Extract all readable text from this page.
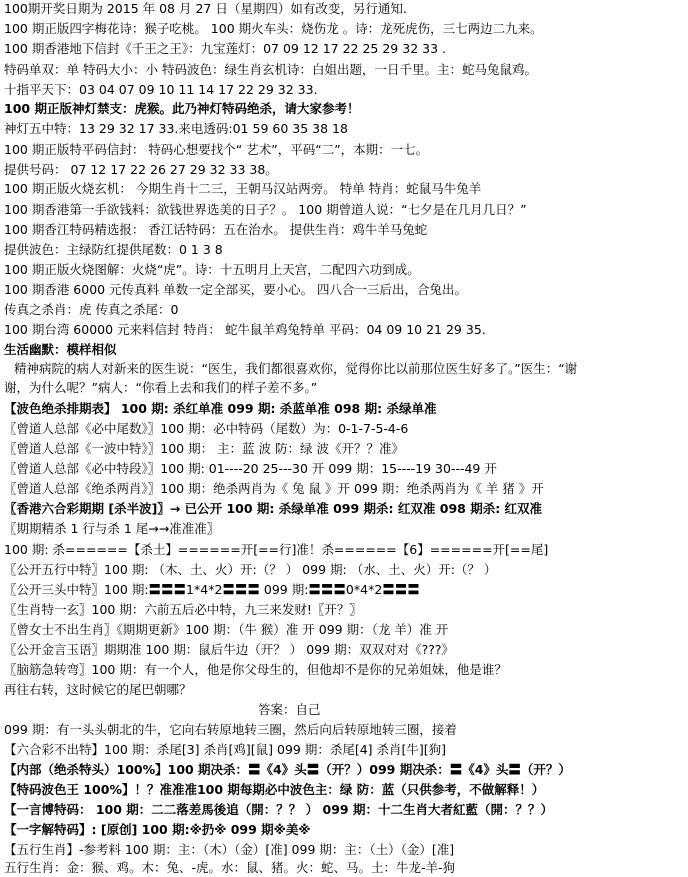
100期开奖日期为 2015 年 08 月 27 日（星期四）如有改变，另行通知.
100 期正版四字梅花诗：猴子吃桃。 100 期火车头：烧伤龙 。诗：龙死虎伤，三七两边二九来。
100 期香港地下信封《千王之王》：九宝莲灯：07 09 12 17 22 25 29 32 33 .
特码单双：单 特码大小：小 特码波色：绿生肖玄机诗：白姐出题，一日千里。主：蛇马兔鼠鸡。
十指平天下：03 04 07 09 10 11 14 17 22 29 32 33.
100 期正版神灯禁支：虎猴。此乃神灯特码绝杀，请大家参考！
神灯五中特：13 29 32 17 33.来电透码:01 59 60 35 38 18
100 期正版特平码信封： 特码心想要找个“ 艺术”，平码“二”，本期：一七。
提供号码： 07 12 17 22 26 27 29 32 33 38。
100 期正版火烧玄机： 今期生肖十二三，王朝马汉站两旁。 特单 特肖：蛇鼠马牛兔羊
100 期香港第一手欲钱料：欲钱世界选美的日子？。 100 期曾道人说：“七夕是在几月几日？”
100 期香江特码精选报： 香江话特码：五在治水。 提供生肖：鸡牛羊马兔蛇
提供波色：主绿防红提供尾数：0 1 3 8
100 期正版火烧图解：火烧“虎”。诗：十五明月上天宫，二配四六功到成。
100 期香港 6000 元传真料 单数一定全部买，要小心。 四八合一三后出，合兔出。
传真之杀肖：虎 传真之杀尾：0
100 期台湾 60000 元来料信封 特肖： 蛇牛鼠羊鸡兔特单 平码：04 09 10 21 29 35.
生活幽默：模样相似
精神病院的病人对新来的医生说：“医生，我们都很喜欢你，觉得你比以前那位医生好多了。”医生：“谢
谢，为什么呢？”病人：“你看上去和我们的样子差不多。”
【波色绝杀排期表】 100 期: 杀红单准 099 期: 杀蓝单准 098 期: 杀绿单准
〖曾道人总部《必中尾数》〗100 期：必中特码（尾数）为：0-1-7-5-4-6
〖曾道人总部《一波中特》〗100 期： 主：蓝 波 防：绿 波《开？？准》
〖曾道人总部《必中特段》〗100 期: 01----20 25---30 开 099 期：15----19 30---49 开
〖曾道人总部《绝杀两肖》〗100 期：绝杀两肖为《 兔 鼠 》开 099 期：绝杀两肖为《 羊 猪 》开
〖香港六合彩期期 [杀半波]〗→ 已公开 100 期: 杀绿单准 099 期杀: 红双准 098 期杀: 红双准
〖期期精杀 1 行与杀 1 尾→→准准准〗
100 期: 杀======【杀土】======开[==行]准！杀======【6】======开[==尾]
〖公开五行中特〗100 期: （木、土、火）开:（？ ） 099 期: （水、土、火）开:（？ ）
〖公开三头中特〗100 期:〓〓〓1*4*2〓〓〓 099 期:〓〓〓0*4*2〓〓〓
〖生肖特一玄〗100 期：六前五后必中特，九三来发财!〖开？〗
〖曾女士不出生肖〗《期期更新》100 期：（牛 猴）准 开 099 期：（龙 羊）准 开
〖公开金言玉语〗期期准 100 期：鼠后牛边（开？ ） 099 期：双双对对《???》
〖脑筋急转弯〗100 期：有一个人，他是你父母生的，但他却不是你的兄弟姐妹，他是谁？
再往右转，这时候它的尾巴朝哪？
答案：自己
099 期：有一头头朝北的牛，它向右转原地转三圈，然后向后转原地转三圈，接着
【六合彩不出特】100 期：杀尾[3] 杀肖[鸡][鼠] 099 期：杀尾[4] 杀肖[牛][狗]
【内部（绝杀特头）100%】100 期决杀：〓《4》头〓（开？）099 期决杀：〓《4》头〓（开？）
【特码波色王 100%】！？准准准100 期每期必中波色主：绿 防：蓝（只供参考，不做解释！）
【一言博特码： 100 期：二二落差馬後追（開：？？ ） 099 期：十二生肖大者紅藍（開：？？）
【一字解特码】: [原创] 100 期:※扔※ 099 期※美※
【五行生肖】-参考料 100 期：主：（木）（金）[准] 099 期：主：（土）（金）[准]
五行生肖：金：猴、鸡。木：兔、-虎。水：鼠、猪。火：蛇、马。土：牛龙-羊-狗
